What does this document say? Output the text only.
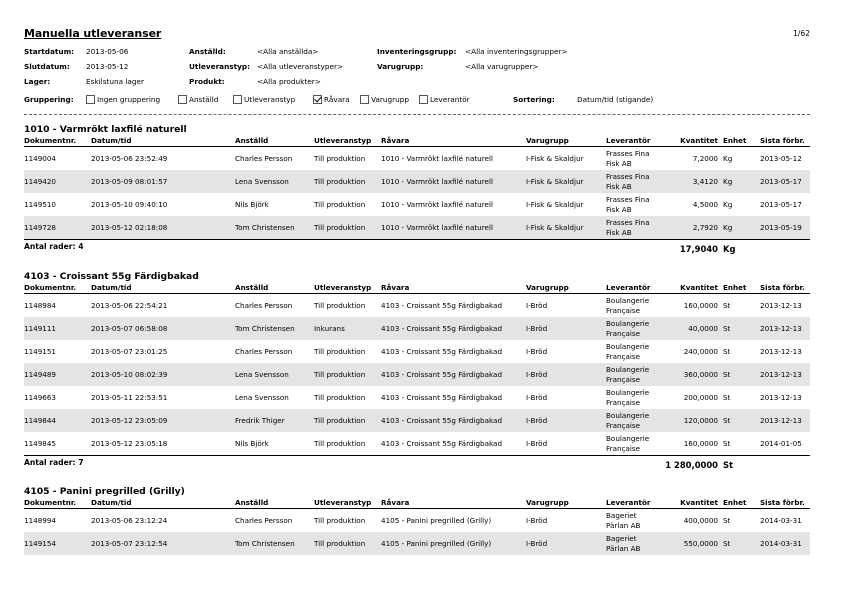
Manuella utleveranser	1/62
Startdatum: 2013-05-06
Slutdatum: 2013-05-12
Lager:	Eskilstuna lager
Anställd:	<Alla anställda>
Utleveranstyp: <Alla utleveranstyper>
Produkt:	<Alla produkter>
Inventeringsgrupp: <Alla inventeringsgrupper>
Varugrupp:	<Alla varugrupper>
Gruppering:	Ingen gruppering	Anställd	Utleveranstyp	Råvara	Varugrupp	Leverantör	Sortering:	Datum/tid (stigande)
1010 - Varmrökt laxfilé naturell
Dokumentnr. Datum/tid	Anställd	Utleveranstyp Råvara	Varugrupp	Leverantör	Kvantitet Enhet Sista förbr.
1149004	2013-05-06 23:52:49	Charles Persson	Till produktion 1010 - Varmrökt laxfilé naturell	I-Fisk & Skaldjur
Frasses Fina
Fisk AB	7,2000 Kg	2013-05-12
1149420	2013-05-09 08:01:57	Lena Svensson	Till produktion 1010 - Varmrökt laxfilé naturell	I-Fisk & Skaldjur
Frasses Fina
Fisk AB	3,4120 Kg	2013-05-17
1149510	2013-05-10 09:40:10	Nils Björk	Till produktion 1010 - Varmrökt laxfilé naturell	I-Fisk & Skaldjur
Frasses Fina
Fisk AB	4,5000 Kg	2013-05-17
1149728	2013-05-12 02:18:08	Tom Christensen	Till produktion 1010 - Varmrökt laxfilé naturell	I-Fisk & Skaldjur
Frasses Fina
Fisk AB	2,7920 Kg	2013-05-19
Antal rader: 4	17,9040 Kg
4103 - Croissant 55g Färdigbakad
Dokumentnr. Datum/tid	Anställd	Utleveranstyp Råvara	Varugrupp	Leverantör	Kvantitet Enhet Sista förbr.
1148984	2013-05-06 22:54:21	Charles Persson	Till produktion 4103 - Croissant 55g Färdigbakad	I-Bröd
Boulangerie
Française	160,0000 St	2013-12-13
1149111	2013-05-07 06:58:08	Tom Christensen	Inkurans	4103 - Croissant 55g Färdigbakad	I-Bröd
Boulangerie
Française	40,0000 St	2013-12-13
1149151	2013-05-07 23:01:25	Charles Persson	Till produktion 4103 - Croissant 55g Färdigbakad	I-Bröd
Boulangerie
Française	240,0000 St	2013-12-13
1149489	2013-05-10 08:02:39	Lena Svensson	Till produktion 4103 - Croissant 55g Färdigbakad	I-Bröd
Boulangerie
Française	360,0000 St	2013-12-13
1149663	2013-05-11 22:53:51	Lena Svensson	Till produktion 4103 - Croissant 55g Färdigbakad	I-Bröd
Boulangerie
Française	200,0000 St	2013-12-13
1149844	2013-05-12 23:05:09	Fredrik Thiger	Till produktion 4103 - Croissant 55g Färdigbakad	I-Bröd
Boulangerie
Française	120,0000 St	2013-12-13
1149845	2013-05-12 23:05:18	Nils Björk	Till produktion 4103 - Croissant 55g Färdigbakad	I-Bröd
Boulangerie
Française	160,0000 St	2014-01-05
Antal rader: 7	1 280,0000 St
4105 - Panini pregrilled (Grilly)
Dokumentnr. Datum/tid	Anställd	Utleveranstyp Råvara	Varugrupp	Leverantör	Kvantitet Enhet Sista förbr.
1148994	2013-05-06 23:12:24	Charles Persson	Till produktion 4105 - Panini pregrilled (Grilly)	I-Bröd
Bageriet
Pärlan AB	400,0000 St	2014-03-31
1149154	2013-05-07 23:12:54	Tom Christensen	Till produktion 4105 - Panini pregrilled (Grilly)	I-Bröd
Bageriet
Pärlan AB	550,0000 St	2014-03-31
